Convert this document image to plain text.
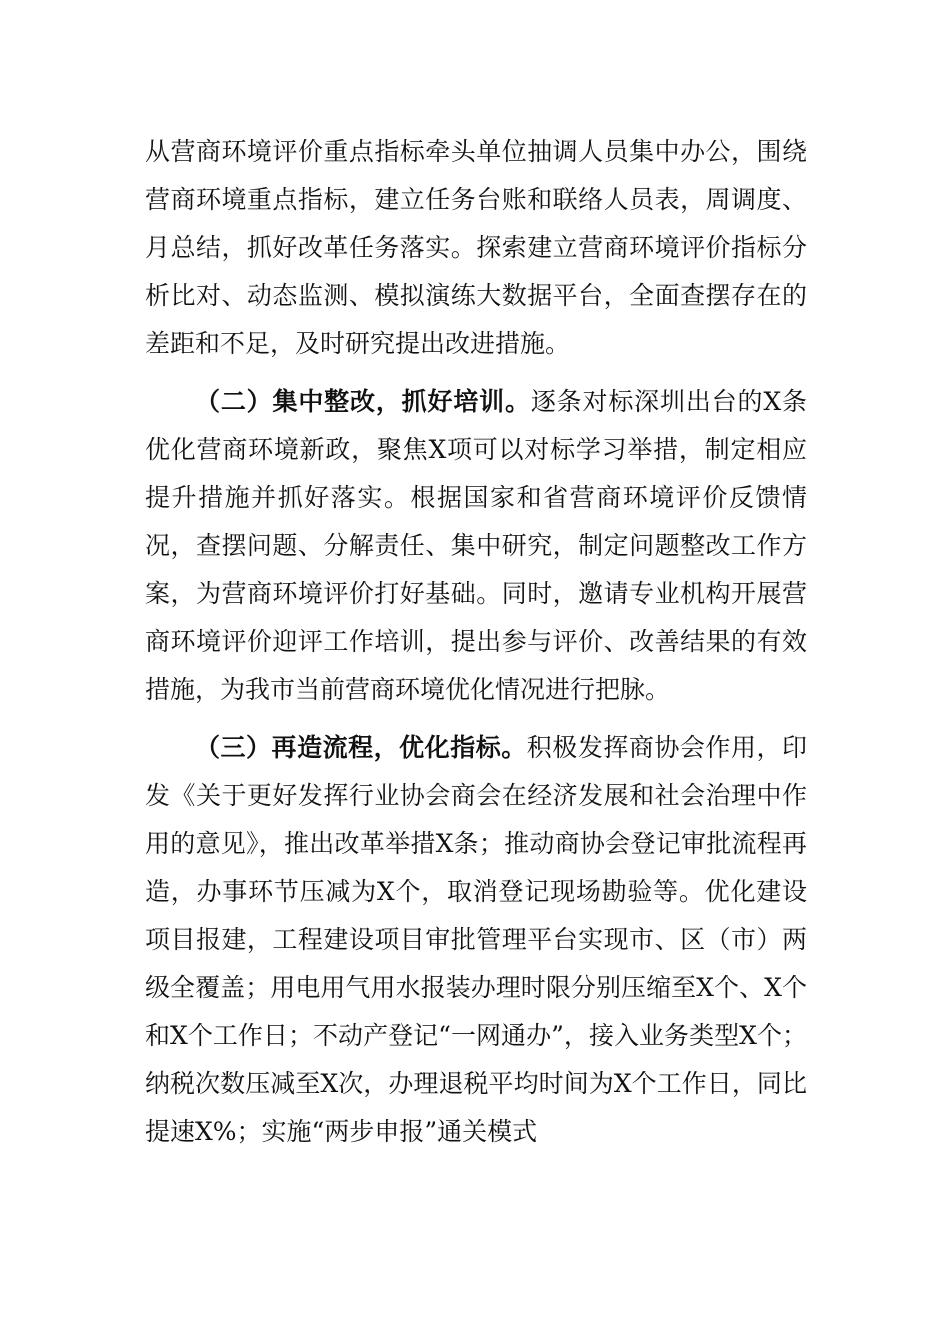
从营商环境评价重点指标牵头单位抽调人员集中办公，围绕营商环境重点指标，建立任务台账和联络人员表，周调度、月总结，抓好改革任务落实。探索建立营商环境评价指标分析比对、动态监测、模拟演练大数据平台，全面查摆存在的差距和不足，及时研究提出改进措施。

（二）集中整改，抓好培训。逐条对标深圳出台的X条优化营商环境新政，聚焦X项可以对标学习举措，制定相应提升措施并抓好落实。根据国家和省营商环境评价反馈情况，查摆问题、分解责任、集中研究，制定问题整改工作方案，为营商环境评价打好基础。同时，邀请专业机构开展营商环境评价迎评工作培训，提出参与评价、改善结果的有效措施，为我市当前营商环境优化情况进行把脉。

（三）再造流程，优化指标。积极发挥商协会作用，印发《关于更好发挥行业协会商会在经济发展和社会治理中作用的意见》，推出改革举措X条；推动商协会登记审批流程再造，办事环节压减为X个，取消登记现场勘验等。优化建设项目报建，工程建设项目审批管理平台实现市、区（市）两级全覆盖；用电用气用水报装办理时限分别压缩至X个、X个和X个工作日；不动产登记“一网通办”，接入业务类型X个；纳税次数压减至X次，办理退税平均时间为X个工作日，同比提速X%；实施“两步申报”通关模式
